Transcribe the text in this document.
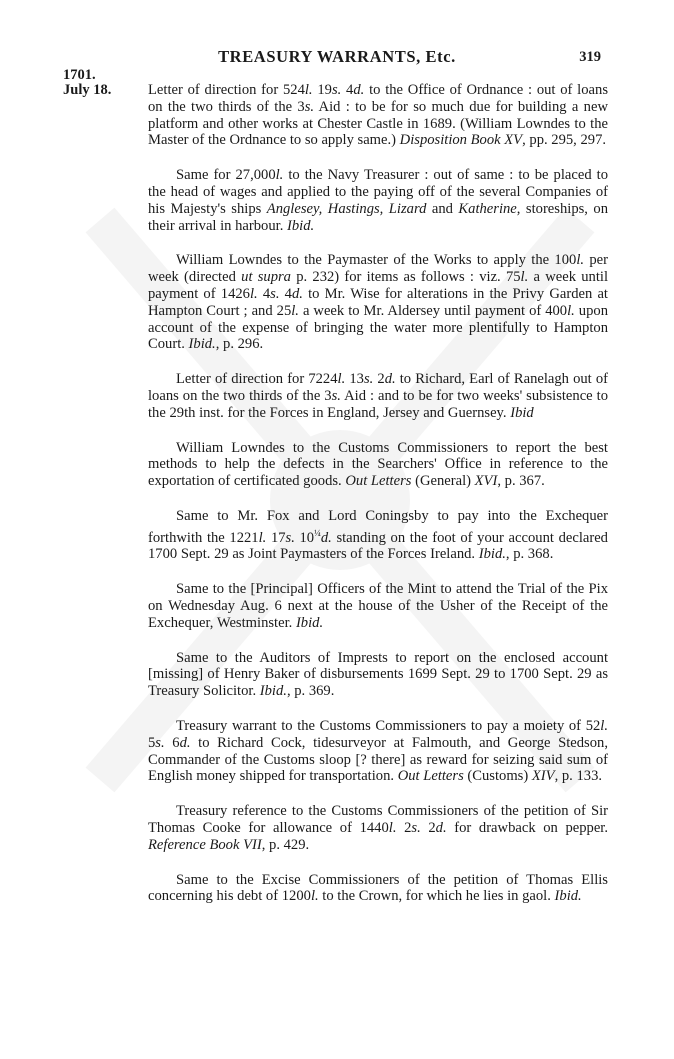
TREASURY WARRANTS, Etc.	319
1701.
July 18.	Letter of direction for 524l. 19s. 4d. to the Office of Ordnance : out of loans on the two thirds of the 3s. Aid : to be for so much due for building a new platform and other works at Chester Castle in 1689. (William Lowndes to the Master of the Ordnance to so apply same.) Disposition Book XV, pp. 295, 297.

Same for 27,000l. to the Navy Treasurer : out of same : to be placed to the head of wages and applied to the paying off of the several Companies of his Majesty's ships Anglesey, Hastings, Lizard and Katherine, storeships, on their arrival in harbour. Ibid.

William Lowndes to the Paymaster of the Works to apply the 100l. per week (directed ut supra p. 232) for items as follows : viz. 75l. a week until payment of 1426l. 4s. 4d. to Mr. Wise for alterations in the Privy Garden at Hampton Court ; and 25l. a week to Mr. Aldersey until payment of 400l. upon account of the expense of bringing the water more plentifully to Hampton Court. Ibid., p. 296.

Letter of direction for 7224l. 13s. 2d. to Richard, Earl of Ranelagh out of loans on the two thirds of the 3s. Aid : and to be for two weeks' subsistence to the 29th inst. for the Forces in England, Jersey and Guernsey. Ibid

William Lowndes to the Customs Commissioners to report the best methods to help the defects in the Searchers' Office in reference to the exportation of certificated goods. Out Letters (General) XVI, p. 367.

Same to Mr. Fox and Lord Coningsby to pay into the Exchequer forthwith the 1221l. 17s. $10^{\frac{1}{4}}d$. standing on the foot of your account declared 1700 Sept. 29 as Joint Paymasters of the Forces Ireland. Ibid., p. 368.

Same to the [Principal] Officers of the Mint to attend the Trial of the Pix on Wednesday Aug. 6 next at the house of the Usher of the Receipt of the Exchequer, Westminster. Ibid.

Same to the Auditors of Imprests to report on the enclosed account [missing] of Henry Baker of disbursements 1699 Sept. 29 to 1700 Sept. 29 as Treasury Solicitor. Ibid., p. 369.

Treasury warrant to the Customs Commissioners to pay a moiety of 52l. 5s. 6d. to Richard Cock, tidesurveyor at Falmouth, and George Stedson, Commander of the Customs sloop [? there] as reward for seizing said sum of English money shipped for transportation. Out Letters (Customs) XIV, p. 133.

Treasury reference to the Customs Commissioners of the petition of Sir Thomas Cooke for allowance of 1440l. 2s. 2d. for drawback on pepper. Reference Book VII, p. 429.

Same to the Excise Commissioners of the petition of Thomas Ellis concerning his debt of 1200l. to the Crown, for which he lies in gaol. Ibid.
